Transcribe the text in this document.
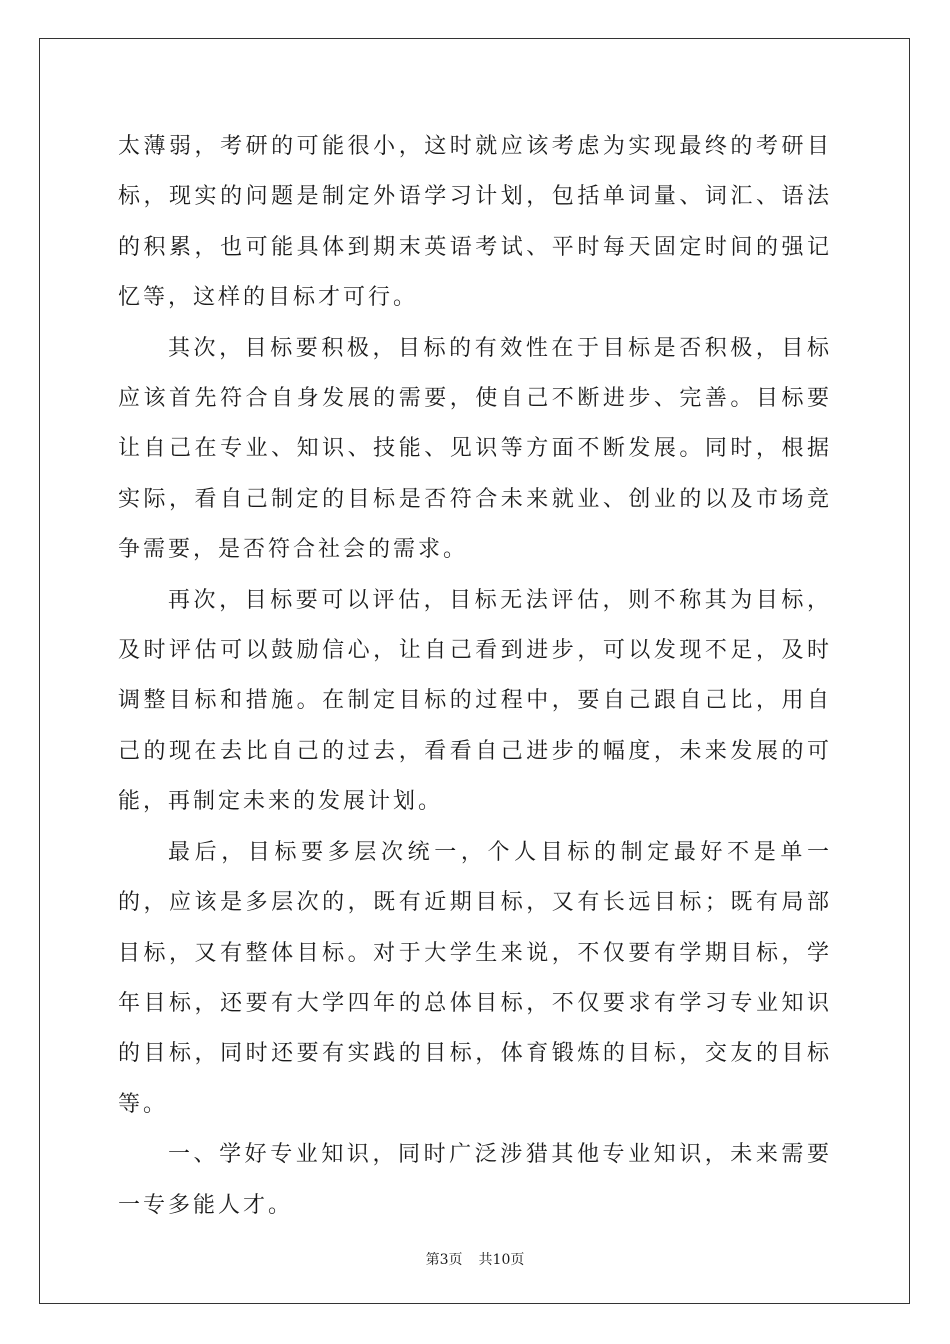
太薄弱，考研的可能很小，这时就应该考虑为实现最终的考研目标，现实的问题是制定外语学习计划，包括单词量、词汇、语法的积累，也可能具体到期末英语考试、平时每天固定时间的强记忆等，这样的目标才可行。

其次，目标要积极，目标的有效性在于目标是否积极，目标应该首先符合自身发展的需要，使自己不断进步、完善。目标要让自己在专业、知识、技能、见识等方面不断发展。同时，根据实际，看自己制定的目标是否符合未来就业、创业的以及市场竞争需要，是否符合社会的需求。

再次，目标要可以评估，目标无法评估，则不称其为目标，及时评估可以鼓励信心，让自己看到进步，可以发现不足，及时调整目标和措施。在制定目标的过程中，要自己跟自己比，用自己的现在去比自己的过去，看看自己进步的幅度，未来发展的可能，再制定未来的发展计划。

最后，目标要多层次统一，个人目标的制定最好不是单一的，应该是多层次的，既有近期目标，又有长远目标；既有局部目标，又有整体目标。对于大学生来说，不仅要有学期目标，学年目标，还要有大学四年的总体目标，不仅要求有学习专业知识的目标，同时还要有实践的目标，体育锻炼的目标，交友的目标等。

一、学好专业知识，同时广泛涉猎其他专业知识，未来需要一专多能人才。

第3页 共10页
